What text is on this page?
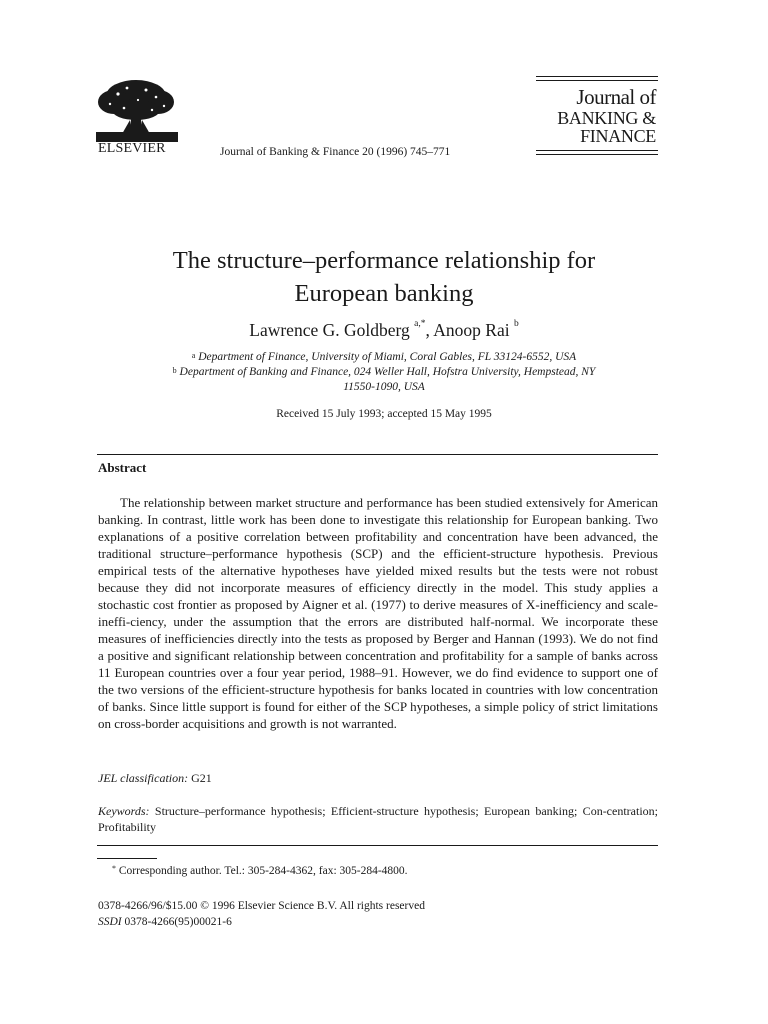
ELSEVIER	Journal of Banking & Finance 20 (1996) 745–771
Journal of
BANKING &
FINANCE
The structure–performance relationship for
European banking
Lawrence G. Goldberg $^{a,*}$, Anoop Rai $^b$
$^a$ Department of Finance, University of Miami, Coral Gables, FL 33124-6552, USA
$^b$ Department of Banking and Finance, 024 Weller Hall, Hofstra University, Hempstead, NY
11550-1090, USA
Received 15 July 1993; accepted 15 May 1995
Abstract

The relationship between market structure and performance has been studied extensively for American banking. In contrast, little work has been done to investigate this relationship for European banking. Two explanations of a positive correlation between profitability and concentration have been advanced, the traditional structure–performance hypothesis (SCP) and the efficient-structure hypothesis. Previous empirical tests of the alternative hypotheses have yielded mixed results but the tests were not robust because they did not incorporate measures of efficiency directly in the model. This study applies a stochastic cost frontier as proposed by Aigner et al. (1977) to derive measures of X-inefficiency and scale-ineffi-ciency, under the assumption that the errors are distributed half-normal. We incorporate these measures of inefficiencies directly into the tests as proposed by Berger and Hannan (1993). We do not find a positive and significant relationship between concentration and profitability for a sample of banks across 11 European countries over a four year period, 1988–91. However, we do find evidence to support one of the two versions of the efficient-structure hypothesis for banks located in countries with low concentration of banks. Since little support is found for either of the SCP hypotheses, a simple policy of strict limitations on cross-border acquisitions and growth is not warranted.

JEL classification: G21

Keywords: Structure–performance hypothesis; Efficient-structure hypothesis; European banking; Con-centration; Profitability

* Corresponding author. Tel.: 305-284-4362, fax: 305-284-4800.
0378-4266/96/$15.00 © 1996 Elsevier Science B.V. All rights reserved
SSDI 0378-4266(95)00021-6
